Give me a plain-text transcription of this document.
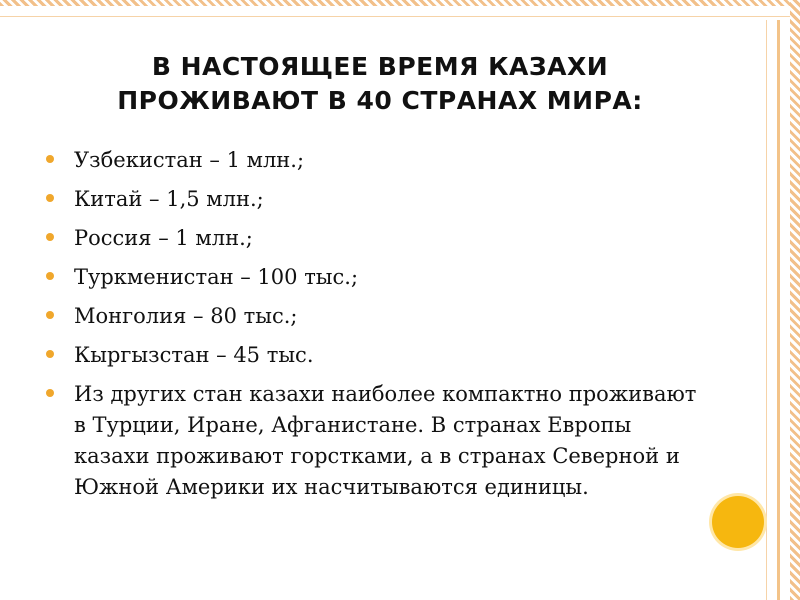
В НАСТОЯЩЕЕ ВРЕМЯ КАЗАХИ
ПРОЖИВАЮТ В 40 СТРАНАХ МИРА:
Узбекистан – 1 млн.;
Китай – 1,5 млн.;
Россия – 1 млн.;
Туркменистан – 100 тыс.;
Монголия – 80 тыс.;
Кыргызстан – 45 тыс.
Из других стан казахи наиболее компактно проживают в Турции, Иране, Афганистане. В странах Европы казахи проживают горстками, а в странах Северной и Южной Америки их насчитываются единицы.
